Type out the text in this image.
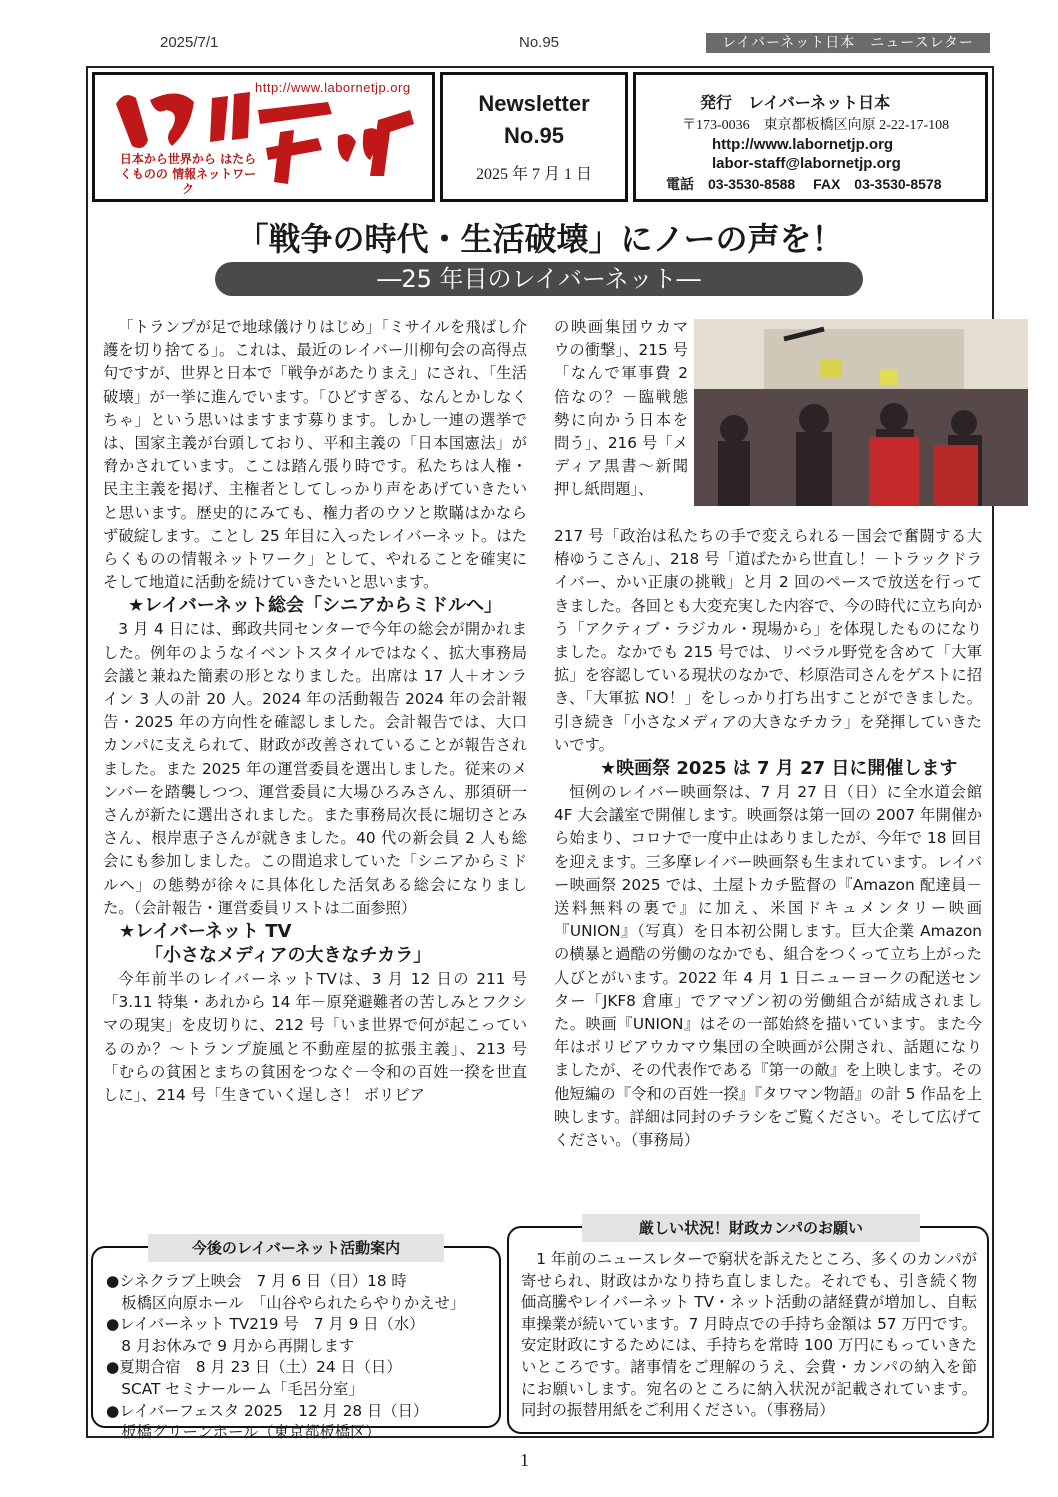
2025/7/1	No.95	レイバーネット日本　ニュースレター
http://www.labornetjp.org
日本から世界から はたらくものの 情報ネットワーク
Newsletter
No.95
2025 年 7 月 1 日
発行　レイバーネット日本
〒173-0036　東京都板橋区向原 2-22-17-108
http://www.labornetjp.org
labor-staff@labornetjp.org
電話　03-3530-8588　 FAX　03-3530-8578
「戦争の時代・生活破壊」にノーの声を！
―25 年目のレイバーネット―

「トランプが足で地球儀けりはじめ」「ミサイルを飛ばし介護を切り捨てる」。これは、最近のレイバー川柳句会の高得点句ですが、世界と日本で「戦争があたりまえ」にされ、「生活破壊」が一挙に進んでいます。「ひどすぎる、なんとかしなくちゃ」という思いはますます募ります。しかし一連の選挙では、国家主義が台頭しており、平和主義の「日本国憲法」が脅かされています。ここは踏ん張り時です。私たちは人権・民主主義を掲げ、主権者としてしっかり声をあげていきたいと思います。歴史的にみても、権力者のウソと欺瞞はかならず破綻します。ことし 25 年目に入ったレイバーネット。はたらくものの情報ネットワーク」として、やれることを確実にそして地道に活動を続けていきたいと思います。

★レイバーネット総会「シニアからミドルへ」

3 月 4 日には、郵政共同センターで今年の総会が開かれました。例年のようなイベントスタイルではなく、拡大事務局会議と兼ねた簡素の形となりました。出席は 17 人＋オンライン 3 人の計 20 人。2024 年の活動報告 2024 年の会計報告・2025 年の方向性を確認しました。会計報告では、大口カンパに支えられて、財政が改善されていることが報告されました。また 2025 年の運営委員を選出しました。従来のメンバーを踏襲しつつ、運営委員に大場ひろみさん、那須研一さんが新たに選出されました。また事務局次長に堀切さとみさん、根岸恵子さんが就きました。40 代の新会員 2 人も総会にも参加しました。この間追求していた「シニアからミドルへ」の態勢が徐々に具体化した活気ある総会になりました。（会計報告・運営委員リストは二面参照）

★レイバーネット TV
「小さなメディアの大きなチカラ」

今年前半のレイバーネットTVは、3 月 12 日の 211 号「3.11 特集・あれから 14 年－原発避難者の苦しみとフクシマの現実」を皮切りに、212 号「いま世界で何が起こっているのか？～トランプ旋風と不動産屋的拡張主義」、213 号「むらの貧困とまちの貧困をつなぐ－令和の百姓一揆を世直しに」、214 号「生きていく逞しさ！ ボリビア

の映画集団ウカマウの衝撃」、215 号「なんで軍事費 2倍なの？－臨戦態勢に向かう日本を問う」、216 号「メディア黒書～新聞押し紙問題」、

217 号「政治は私たちの手で変えられる－国会で奮闘する大椿ゆうこさん」、218 号「道ばたから世直し！－トラックドライバー、かい正康の挑戦」と月 2 回のペースで放送を行ってきました。各回とも大変充実した内容で、今の時代に立ち向かう「アクティブ・ラジカル・現場から」を体現したものになりました。なかでも 215 号では、リベラル野党を含めて「大軍拡」を容認している現状のなかで、杉原浩司さんをゲストに招き、「大軍拡 NO！」をしっかり打ち出すことができました。引き続き「小さなメディアの大きなチカラ」を発揮していきたいです。

★映画祭 2025 は 7 月 27 日に開催します

恒例のレイバー映画祭は、7 月 27 日（日）に全水道会館 4F 大会議室で開催します。映画祭は第一回の 2007 年開催から始まり、コロナで一度中止はありましたが、今年で 18 回目を迎えます。三多摩レイバー映画祭も生まれています。レイバー映画祭 2025 では、土屋トカチ監督の『Amazon 配達員－送料無料の裏で』に加え、米国ドキュメンタリー映画『UNION』（写真）を日本初公開します。巨大企業 Amazon の横暴と過酷の労働のなかでも、組合をつくって立ち上がった人びとがいます。2022 年 4 月 1 日ニューヨークの配送センター「JKF8 倉庫」でアマゾン初の労働組合が結成されました。映画『UNION』はその一部始終を描いています。また今年はボリビアウカマウ集団の全映画が公開され、話題になりましたが、その代表作である『第一の敵』を上映します。その他短編の『令和の百姓一揆』『タワマン物語』の計 5 作品を上映します。詳細は同封のチラシをご覧ください。そして広げてください。（事務局）

今後のレイバーネット活動案内
●シネクラブ上映会　7 月 6 日（日）18 時
　板橋区向原ホール　「山谷やられたらやりかえせ」
●レイバーネット TV219 号　7 月 9 日（水）
　8 月お休みで 9 月から再開します
●夏期合宿　8 月 23 日（土）24 日（日）
　SCAT セミナールーム「毛呂分室」
●レイバーフェスタ 2025　12 月 28 日（日）
　板橋グリーンホール（東京都板橋区）
厳しい状況！財政カンパのお願い
1 年前のニュースレターで窮状を訴えたところ、多くのカンパが寄せられ、財政はかなり持ち直しました。それでも、引き続く物価高騰やレイバーネット TV・ネット活動の諸経費が増加し、自転車操業が続いています。7 月時点での手持ち金額は 57 万円です。安定財政にするためには、手持ちを常時 100 万円にもっていきたいところです。諸事情をご理解のうえ、会費・カンパの納入を節にお願いします。宛名のところに納入状況が記載されています。同封の振替用紙をご利用ください。（事務局）
1
